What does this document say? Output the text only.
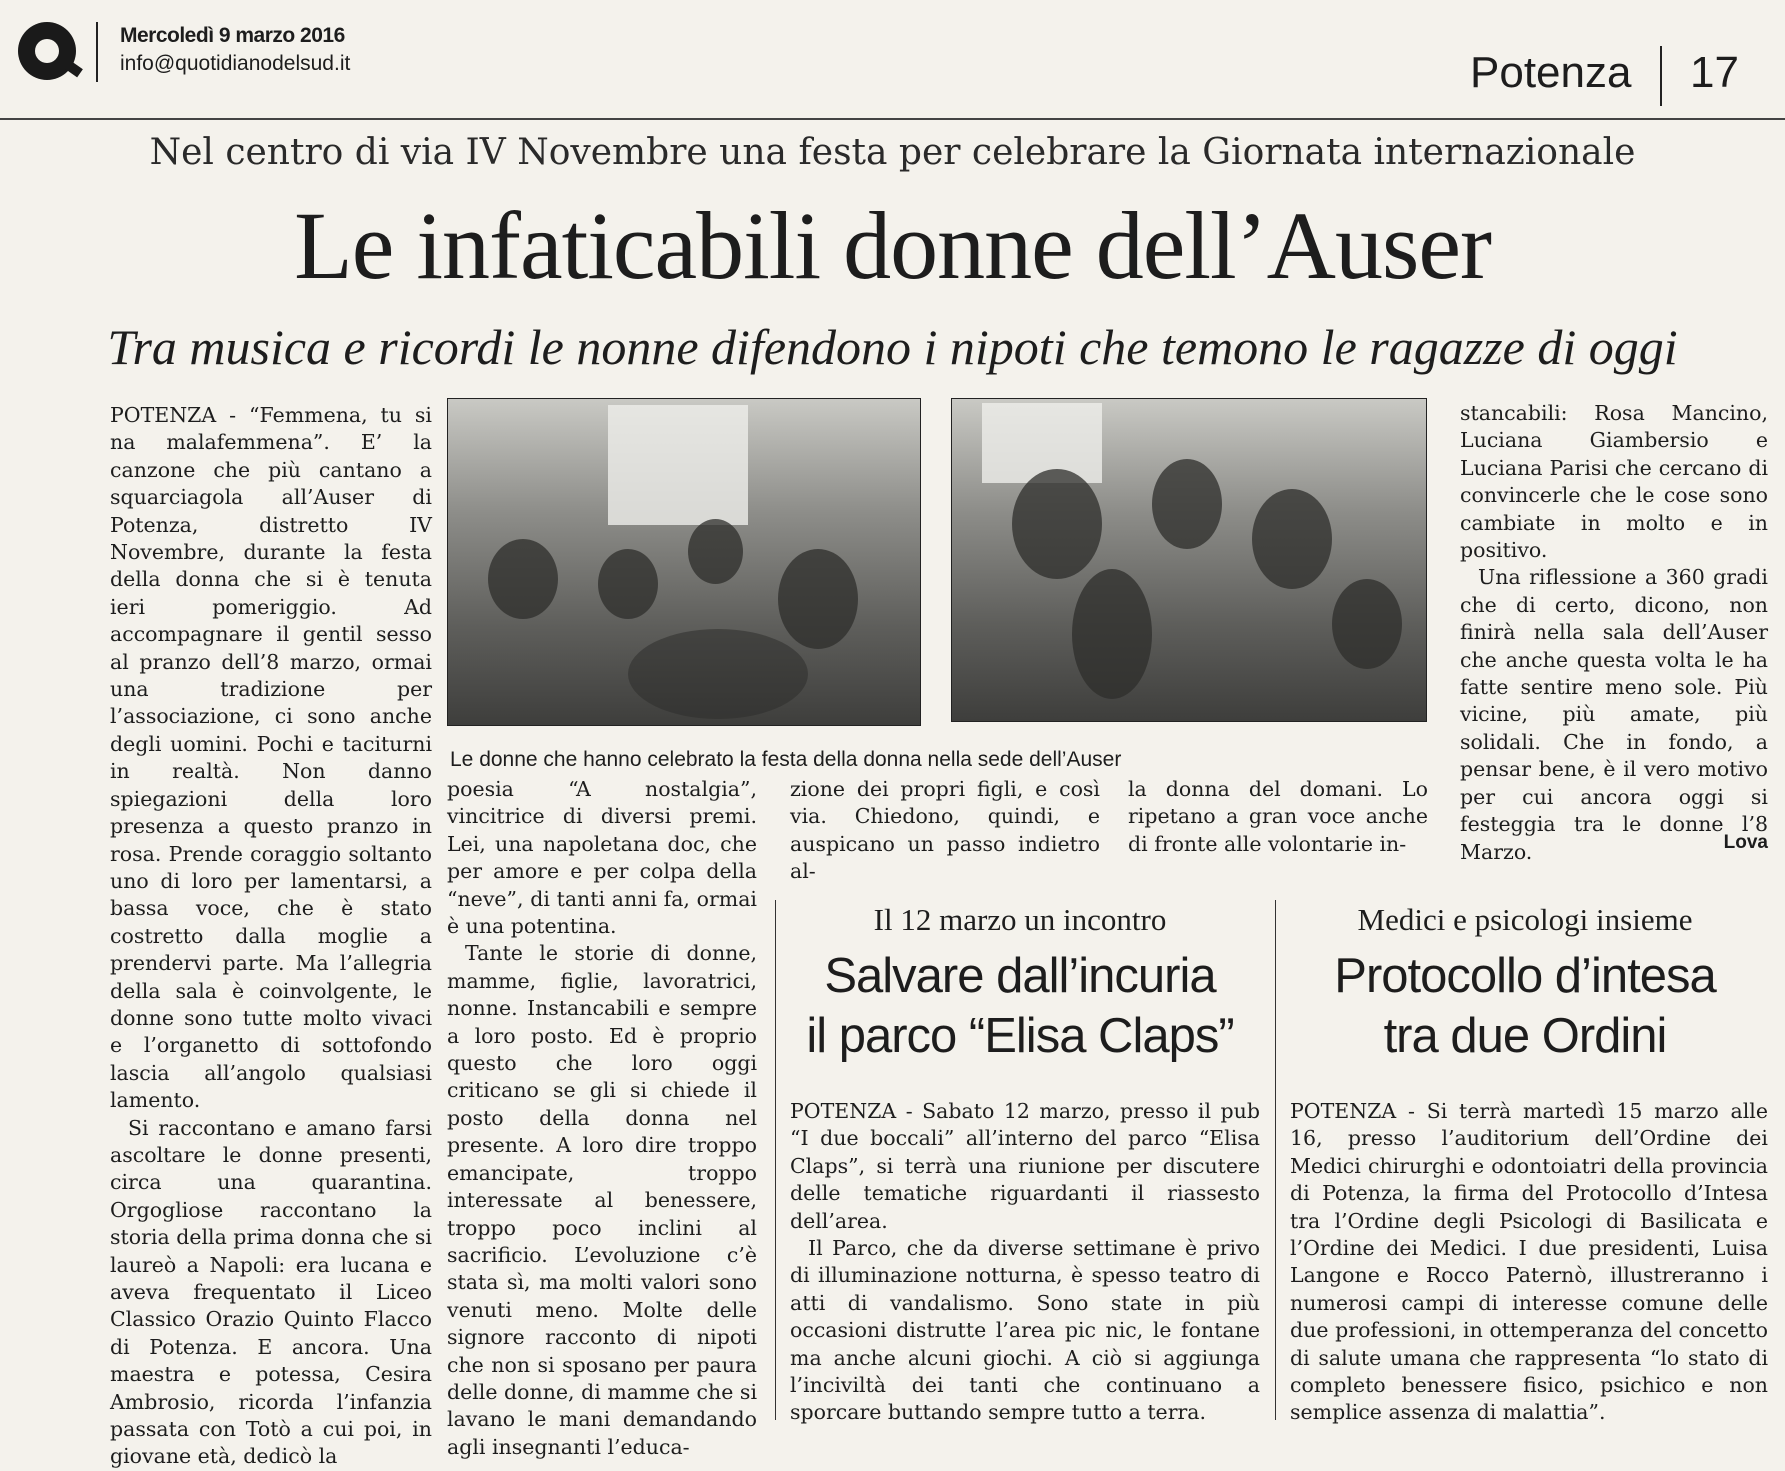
Mercoledì 9 marzo 2016
info@quotidianodelsud.it	Potenza 17
Nel centro di via IV Novembre una festa per celebrare la Giornata internazionale
Le infaticabili donne dell’Auser
Tra musica e ricordi le nonne difendono i nipoti che temono le ragazze di oggi

POTENZA - “Femmena, tu si na malafemmena”. E’ la canzone che più cantano a squarciagola all’Auser di Potenza, distretto IV Novembre, durante la festa della donna che si è tenuta ieri pomeriggio. Ad accompagnare il gentil sesso al pranzo dell’8 marzo, ormai una tradizione per l’associazione, ci sono anche degli uomini. Pochi e taciturni in realtà. Non danno spiegazioni della loro presenza a questo pranzo in rosa. Prende coraggio soltanto uno di loro per lamentarsi, a bassa voce, che è stato costretto dalla moglie a prendervi parte. Ma l’allegria della sala è coinvolgente, le donne sono tutte molto vivaci e l’organetto di sottofondo lascia all’angolo qualsiasi lamento.

Si raccontano e amano farsi ascoltare le donne presenti, circa una quarantina. Orgogliose raccontano la storia della prima donna che si laureò a Napoli: era lucana e aveva frequentato il Liceo Classico Orazio Quinto Flacco di Potenza. E ancora. Una maestra e potessa, Cesira Ambrosio, ricorda l’infanzia passata con Totò a cui poi, in giovane età, dedicò la

Le donne che hanno celebrato la festa della donna nella sede dell’Auser

poesia “A nostalgia”, vincitrice di diversi premi. Lei, una napoletana doc, che per amore e per colpa della “neve”, di tanti anni fa, ormai è una potentina.

Tante le storie di donne, mamme, figlie, lavoratrici, nonne. Instancabili e sempre a loro posto. Ed è proprio questo che loro oggi criticano se gli si chiede il posto della donna nel presente. A loro dire troppo emancipate, troppo interessate al benessere, troppo poco inclini al sacrificio. L’evoluzione c’è stata sì, ma molti valori sono venuti meno. Molte delle signore racconto di nipoti che non si sposano per paura delle donne, di mamme che si lavano le mani demandando agli insegnanti l’educa-

zione dei propri figli, e così via. Chiedono, quindi, e auspicano un passo indietro al-

la donna del domani. Lo ripetano a gran voce anche di fronte alle volontarie in-

stancabili: Rosa Mancino, Luciana Giambersio e Luciana Parisi che cercano di convincerle che le cose sono cambiate in molto e in positivo.

Una riflessione a 360 gradi che di certo, dicono, non finirà nella sala dell’Auser che anche questa volta le ha fatte sentire meno sole. Più vicine, più amate, più solidali. Che in fondo, a pensar bene, è il vero motivo per cui ancora oggi si festeggia tra le donne l’8 Marzo.	Lova
Il 12 marzo un incontro
Salvare dall’incuria
il parco “Elisa Claps”

POTENZA - Sabato 12 marzo, presso il pub “I due boccali” all’interno del parco “Elisa Claps”, si terrà una riunione per discutere delle tematiche riguardanti il riassesto dell’area.

Il Parco, che da diverse settimane è privo di illuminazione notturna, è spesso teatro di atti di vandalismo. Sono state in più occasioni distrutte l’area pic nic, le fontane ma anche alcuni giochi. A ciò si aggiunga l’inciviltà dei tanti che continuano a sporcare buttando sempre tutto a terra.

Medici e psicologi insieme
Protocollo d’intesa
tra due Ordini

POTENZA - Si terrà martedì 15 marzo alle 16, presso l’auditorium dell’Ordine dei Medici chirurghi e odontoiatri della provincia di Potenza, la firma del Protocollo d’Intesa tra l’Ordine degli Psicologi di Basilicata e l’Ordine dei Medici. I due presidenti, Luisa Langone e Rocco Paternò, illustreranno i numerosi campi di interesse comune delle due professioni, in ottemperanza del concetto di salute umana che rappresenta “lo stato di completo benessere fisico, psichico e non semplice assenza di malattia”.
